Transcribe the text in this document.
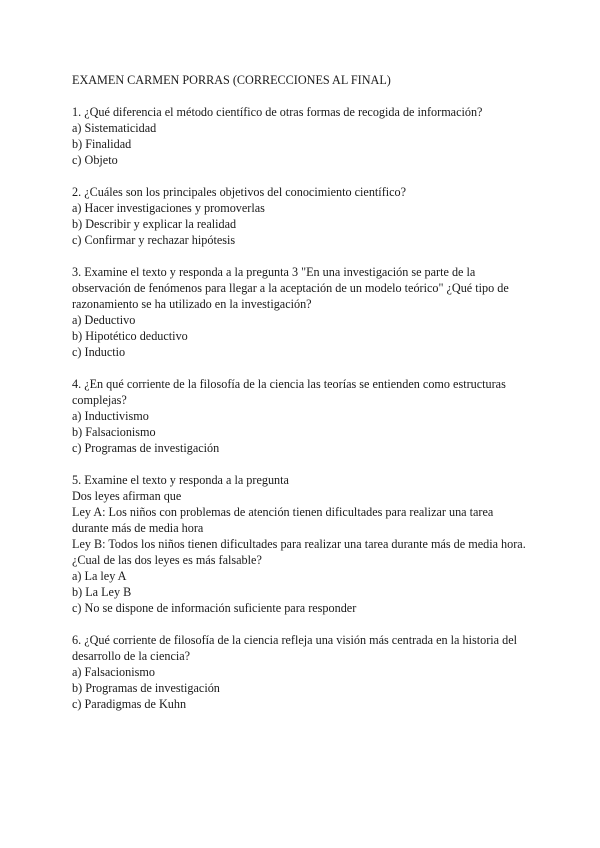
EXAMEN CARMEN PORRAS (CORRECCIONES AL FINAL)

1. ¿Qué diferencia el método científico de otras formas de recogida de información?
a) Sistematicidad
b) Finalidad
c) Objeto
2. ¿Cuáles son los principales objetivos del conocimiento científico?
a) Hacer investigaciones y promoverlas
b) Describir y explicar la realidad
c) Confirmar y rechazar hipótesis
3. Examine el texto y responda a la pregunta 3 "En una investigación se parte de la
observación de fenómenos para llegar a la aceptación de un modelo teórico" ¿Qué tipo de
razonamiento se ha utilizado en la investigación?
a) Deductivo
b) Hipotético deductivo
c) Inductio
4. ¿En qué corriente de la filosofía de la ciencia las teorías se entienden como estructuras
complejas?
a) Inductivismo
b) Falsacionismo
c) Programas de investigación
5. Examine el texto y responda a la pregunta
Dos leyes afirman que
Ley A: Los niños con problemas de atención tienen dificultades para realizar una tarea
durante más de media hora
Ley B: Todos los niños tienen dificultades para realizar una tarea durante más de media hora.
¿Cual de las dos leyes es más falsable?
a) La ley A
b) La Ley B
c) No se dispone de información suficiente para responder
6. ¿Qué corriente de filosofía de la ciencia refleja una visión más centrada en la historia del
desarrollo de la ciencia?
a) Falsacionismo
b) Programas de investigación
c) Paradigmas de Kuhn
